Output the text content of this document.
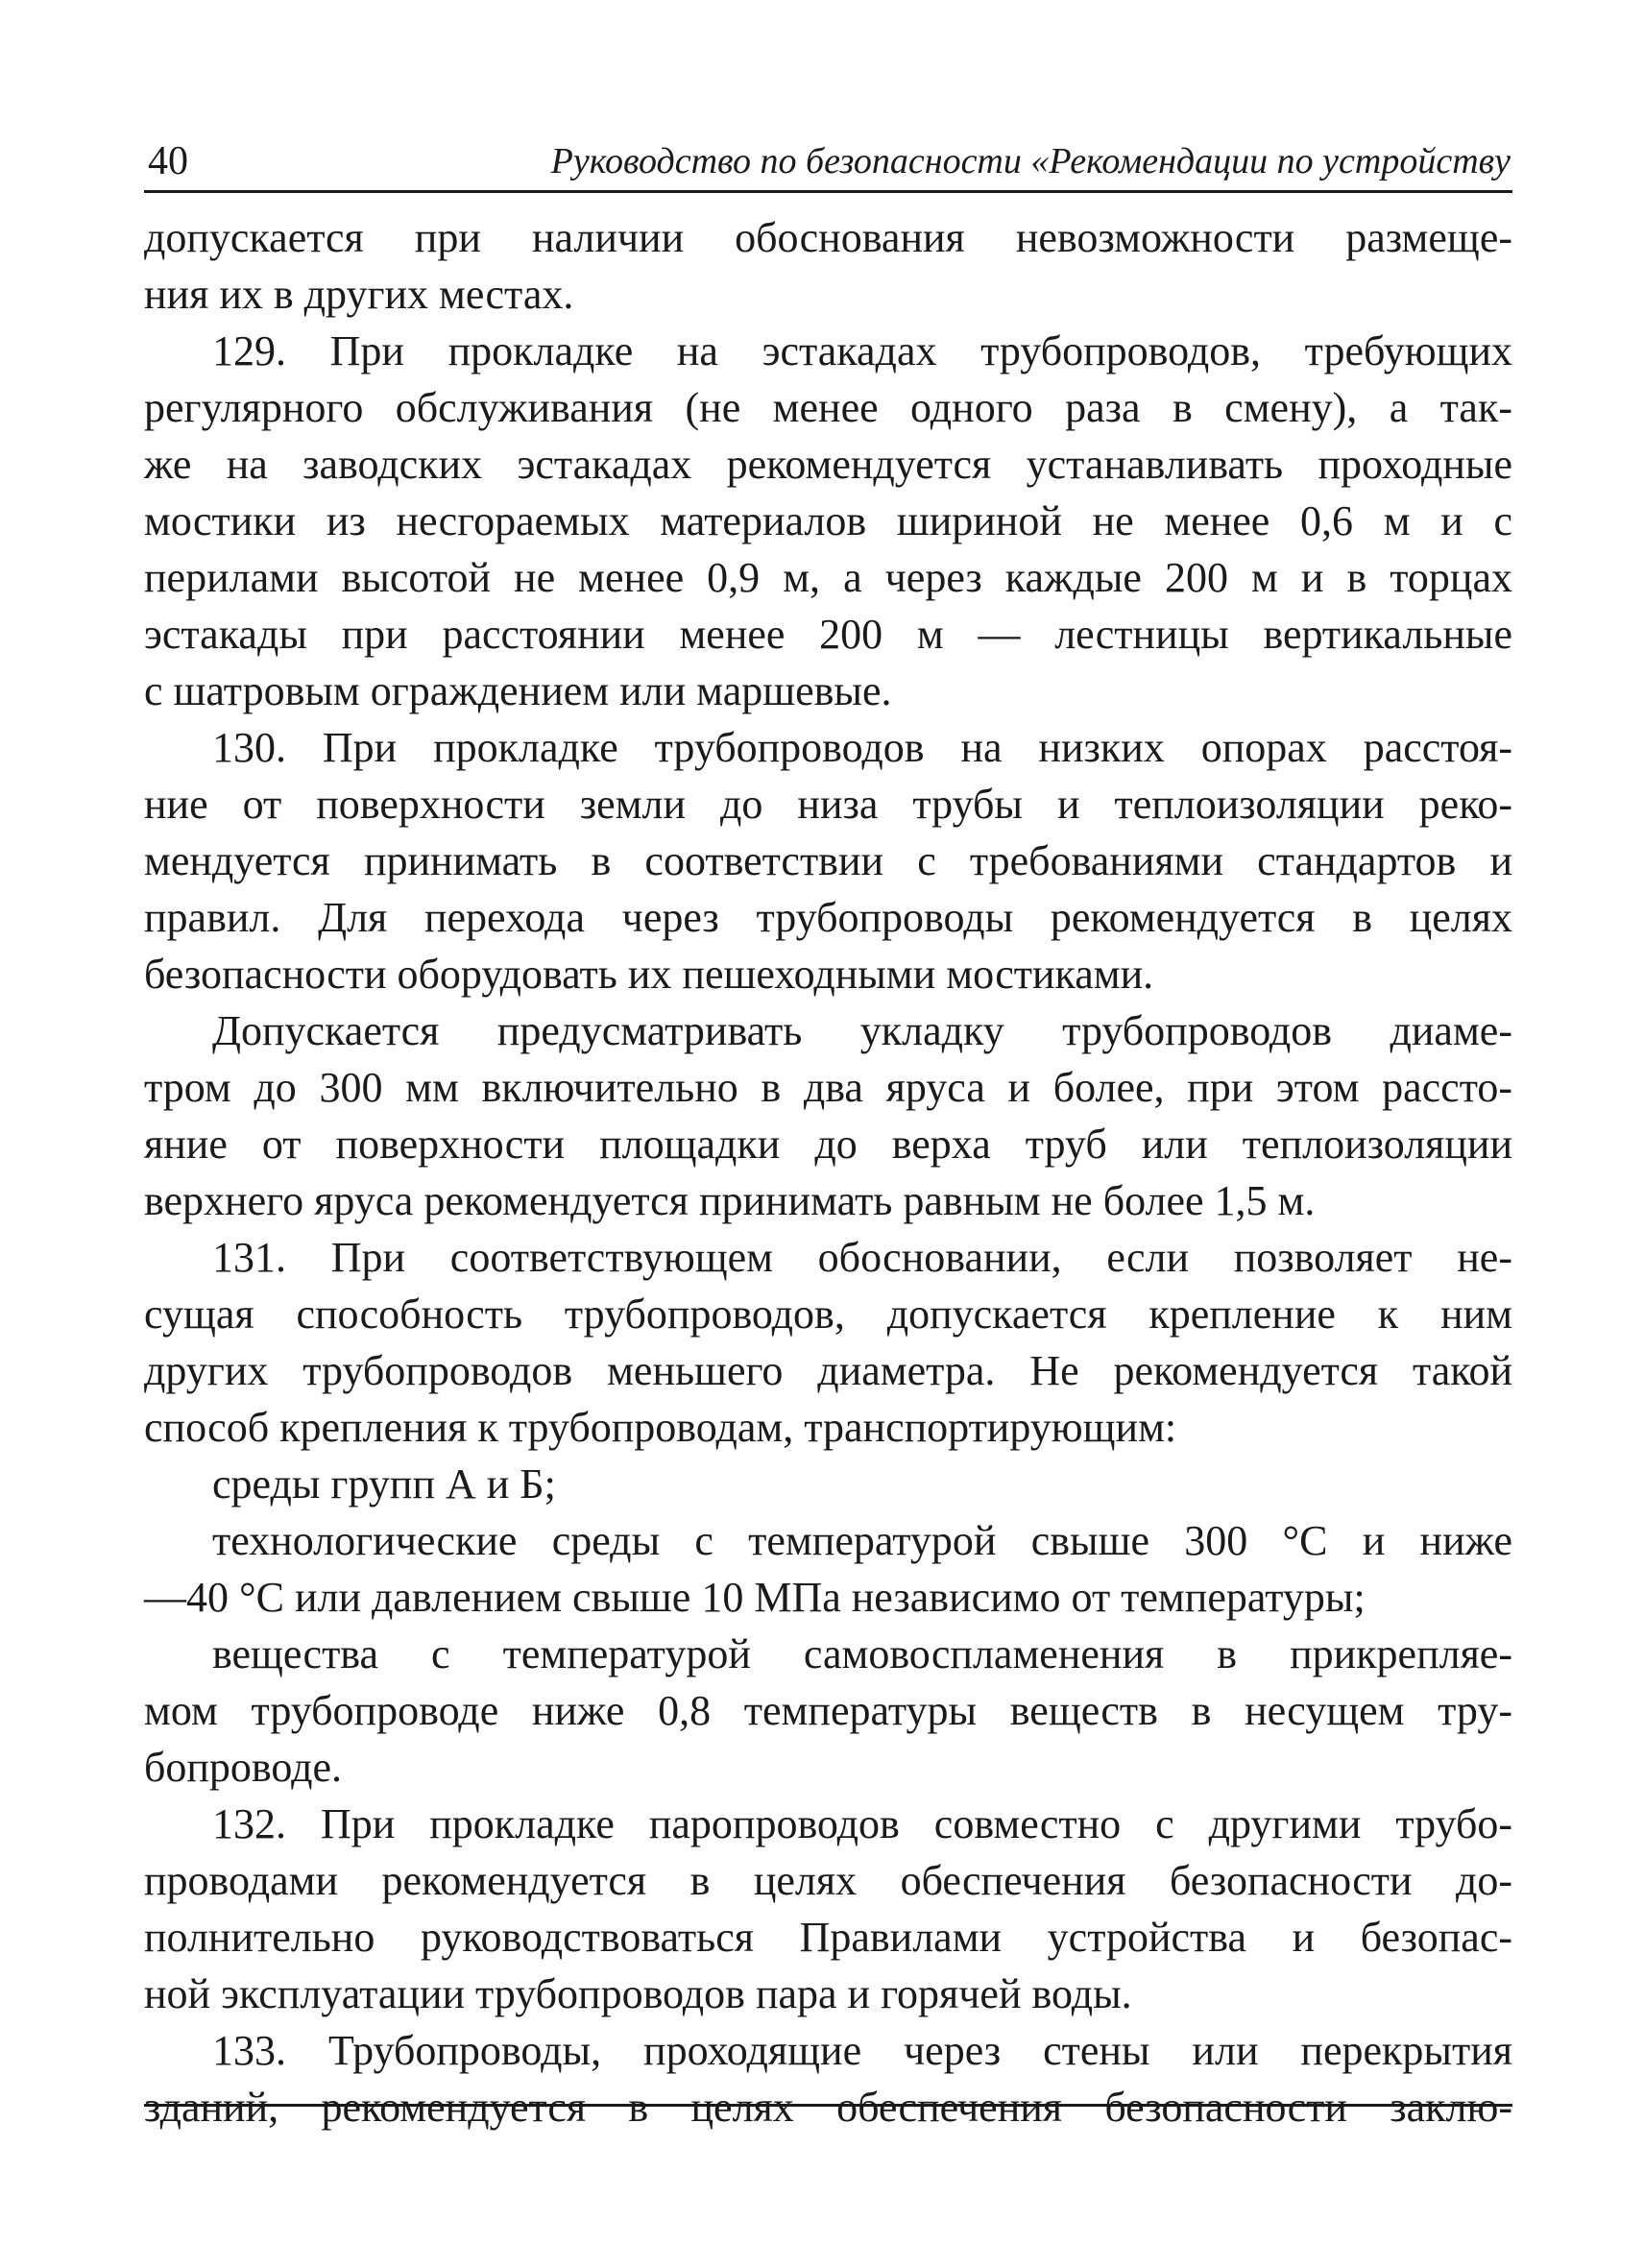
40	Руководство по безопасности «Рекомендации по устройству
допускается при наличии обоснования невозможности размеще-
ния их в других местах.
129. При прокладке на эстакадах трубопроводов, требующих
регулярного обслуживания (не менее одного раза в смену), а так-
же на заводских эстакадах рекомендуется устанавливать проходные
мостики из несгораемых материалов шириной не менее 0,6 м и с
перилами высотой не менее 0,9 м, а через каждые 200 м и в торцах
эстакады при расстоянии менее 200 м — лестницы вертикальные
с шатровым ограждением или маршевые.
130. При прокладке трубопроводов на низких опорах расстоя-
ние от поверхности земли до низа трубы и теплоизоляции реко-
мендуется принимать в соответствии с требованиями стандартов и
правил. Для перехода через трубопроводы рекомендуется в целях
безопасности оборудовать их пешеходными мостиками.
Допускается предусматривать укладку трубопроводов диаме-
тром до 300 мм включительно в два яруса и более, при этом рассто-
яние от поверхности площадки до верха труб или теплоизоляции
верхнего яруса рекомендуется принимать равным не более 1,5 м.
131. При соответствующем обосновании, если позволяет не-
сущая способность трубопроводов, допускается крепление к ним
других трубопроводов меньшего диаметра. Не рекомендуется такой
способ крепления к трубопроводам, транспортирующим:
среды групп А и Б;
технологические среды с температурой свыше 300 °С и ниже
—40 °С или давлением свыше 10 МПа независимо от температуры;
вещества с температурой самовоспламенения в прикрепляе-
мом трубопроводе ниже 0,8 температуры веществ в несущем тру-
бопроводе.
132. При прокладке паропроводов совместно с другими трубо-
проводами рекомендуется в целях обеспечения безопасности до-
полнительно руководствоваться Правилами устройства и безопас-
ной эксплуатации трубопроводов пара и горячей воды.
133. Трубопроводы, проходящие через стены или перекрытия
зданий, рекомендуется в целях обеспечения безопасности заклю-
